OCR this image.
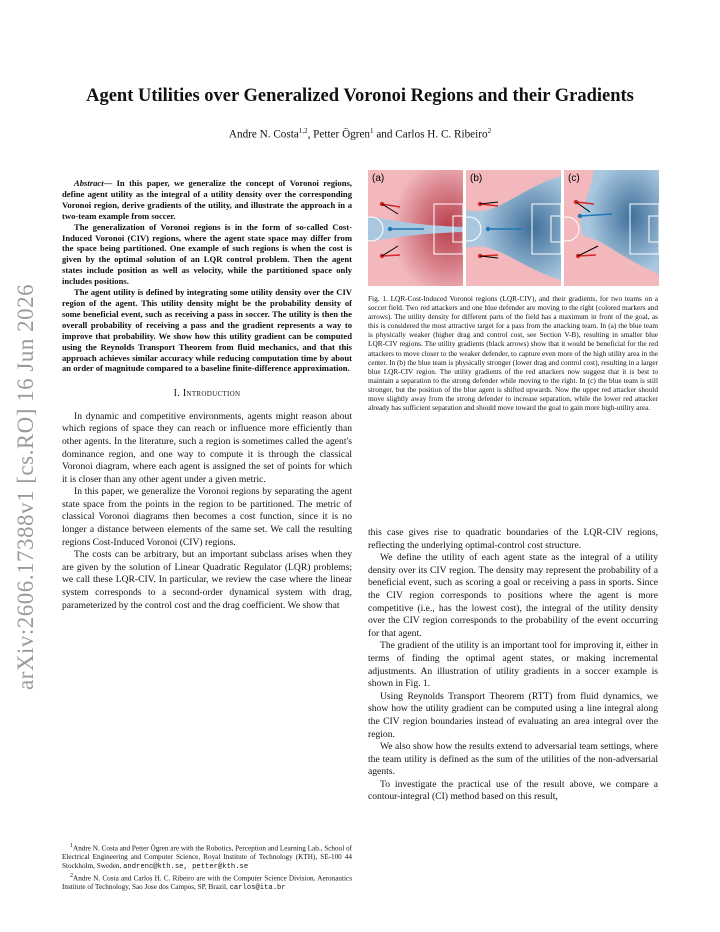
arXiv:2606.17388v1 [cs.RO] 16 Jun 2026
Agent Utilities over Generalized Voronoi Regions and their Gradients
Andre N. Costa$^{1,2}$, Petter Ögren$^1$ and Carlos H. C. Ribeiro$^2$

Abstract— In this paper, we generalize the concept of Voronoi regions, define agent utility as the integral of a utility density over the corresponding Voronoi region, derive gradients of the utility, and illustrate the approach in a two-team example from soccer.

The generalization of Voronoi regions is in the form of so-called Cost-Induced Voronoi (CIV) regions, where the agent state space may differ from the space being partitioned. One example of such regions is when the cost is given by the optimal solution of an LQR control problem. Then the agent states include position as well as velocity, while the partitioned space only includes positions.

The agent utility is defined by integrating some utility density over the CIV region of the agent. This utility density might be the probability density of some beneficial event, such as receiving a pass in soccer. The utility is then the overall probability of receiving a pass and the gradient represents a way to improve that probability. We show how this utility gradient can be computed using the Reynolds Transport Theorem from fluid mechanics, and that this approach achieves similar accuracy while reducing computation time by about an order of magnitude compared to a baseline finite-difference approximation.

I. Introduction

In dynamic and competitive environments, agents might reason about which regions of space they can reach or influence more efficiently than other agents. In the literature, such a region is sometimes called the agent's dominance region, and one way to compute it is through the classical Voronoi diagram, where each agent is assigned the set of points for which it is closer than any other agent under a given metric.

In this paper, we generalize the Voronoi regions by separating the agent state space from the points in the region to be partitioned. The metric of classical Voronoi diagrams then becomes a cost function, since it is no longer a distance between elements of the same set. We call the resulting regions Cost-Induced Voronoi (CIV) regions.

The costs can be arbitrary, but an important subclass arises when they are given by the solution of Linear Quadratic Regulator (LQR) problems; we call these LQR-CIV. In particular, we review the case where the linear system corresponds to a second-order dynamical system with drag, parameterized by the control cost and the drag coefficient. We show that

$^1$Andre N. Costa and Petter Ögren are with the Robotics, Perception and Learning Lab., School of Electrical Engineering and Computer Science, Royal Institute of Technology (KTH), SE-100 44 Stockholm, Sweden, andrenc@kth.se, petter@kth.se

$^2$Andre N. Costa and Carlos H. C. Ribeiro are with the Computer Science Division, Aeronautics Institute of Technology, Sao Jose dos Campos, SP, Brazil, carlos@ita.br

(a)	(b)	(c)
Fig. 1. LQR-Cost-Induced Voronoi regions (LQR-CIV), and their gradients, for two teams on a soccer field. Two red attackers and one blue defender are moving to the right (colored markers and arrows). The utility density for different parts of the field has a maximum in front of the goal, as this is considered the most attractive target for a pass from the attacking team. In (a) the blue team is physically weaker (higher drag and control cost, see Section V-B), resulting in smaller blue LQR-CIV regions. The utility gradients (black arrows) show that it would be beneficial for the red attackers to move closer to the weaker defender, to capture even more of the high utility area in the center. In (b) the blue team is physically stronger (lower drag and control cost), resulting in a larger blue LQR-CIV region. The utility gradients of the red attackers now suggest that it is best to maintain a separation to the strong defender while moving to the right. In (c) the blue team is still stronger, but the position of the blue agent is shifted upwards. Now the upper red attacker should move slightly away from the strong defender to increase separation, while the lower red attacker already has sufficient separation and should move toward the goal to gain more high-utility area.

this case gives rise to quadratic boundaries of the LQR-CIV regions, reflecting the underlying optimal-control cost structure.

We define the utility of each agent state as the integral of a utility density over its CIV region. The density may represent the probability of a beneficial event, such as scoring a goal or receiving a pass in sports. Since the CIV region corresponds to positions where the agent is more competitive (i.e., has the lowest cost), the integral of the utility density over the CIV region corresponds to the probability of the event occurring for that agent.

The gradient of the utility is an important tool for improving it, either in terms of finding the optimal agent states, or making incremental adjustments. An illustration of utility gradients in a soccer example is shown in Fig. 1.

Using Reynolds Transport Theorem (RTT) from fluid dynamics, we show how the utility gradient can be computed using a line integral along the CIV region boundaries instead of evaluating an area integral over the region.

We also show how the results extend to adversarial team settings, where the team utility is defined as the sum of the utilities of the non-adversarial agents.

To investigate the practical use of the result above, we compare a contour-integral (CI) method based on this result,
